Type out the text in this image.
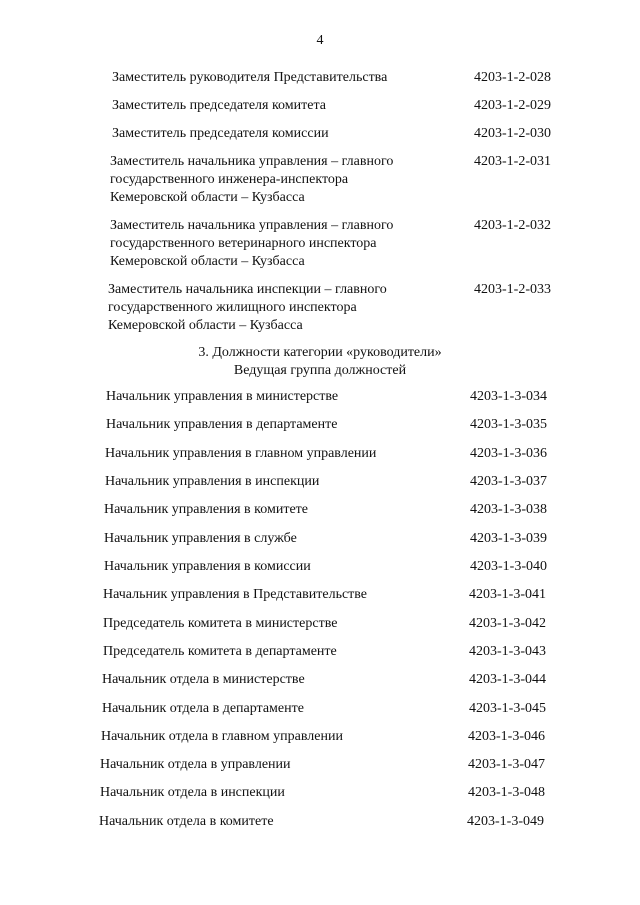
4
Заместитель руководителя Представительства	4203-1-2-028
Заместитель председателя комитета	4203-1-2-029
Заместитель председателя комиссии	4203-1-2-030
Заместитель начальника управления – главного
государственного инженера-инспектора
Кемеровской области – Кузбасса
4203-1-2-031
Заместитель начальника управления – главного
государственного ветеринарного инспектора
Кемеровской области – Кузбасса
4203-1-2-032
Заместитель начальника инспекции – главного
государственного жилищного инспектора
Кемеровской области – Кузбасса
4203-1-2-033
3. Должности категории «руководители»
Ведущая группа должностей
Начальник управления в министерстве	4203-1-3-034
Начальник управления в департаменте	4203-1-3-035
Начальник управления в главном управлении	4203-1-3-036
Начальник управления в инспекции	4203-1-3-037
Начальник управления в комитете	4203-1-3-038
Начальник управления в службе	4203-1-3-039
Начальник управления в комиссии	4203-1-3-040
Начальник управления в Представительстве	4203-1-3-041
Председатель комитета в министерстве	4203-1-3-042
Председатель комитета в департаменте	4203-1-3-043
Начальник отдела в министерстве	4203-1-3-044
Начальник отдела в департаменте	4203-1-3-045
Начальник отдела в главном управлении	4203-1-3-046
Начальник отдела в управлении	4203-1-3-047
Начальник отдела в инспекции	4203-1-3-048
Начальник отдела в комитете	4203-1-3-049
